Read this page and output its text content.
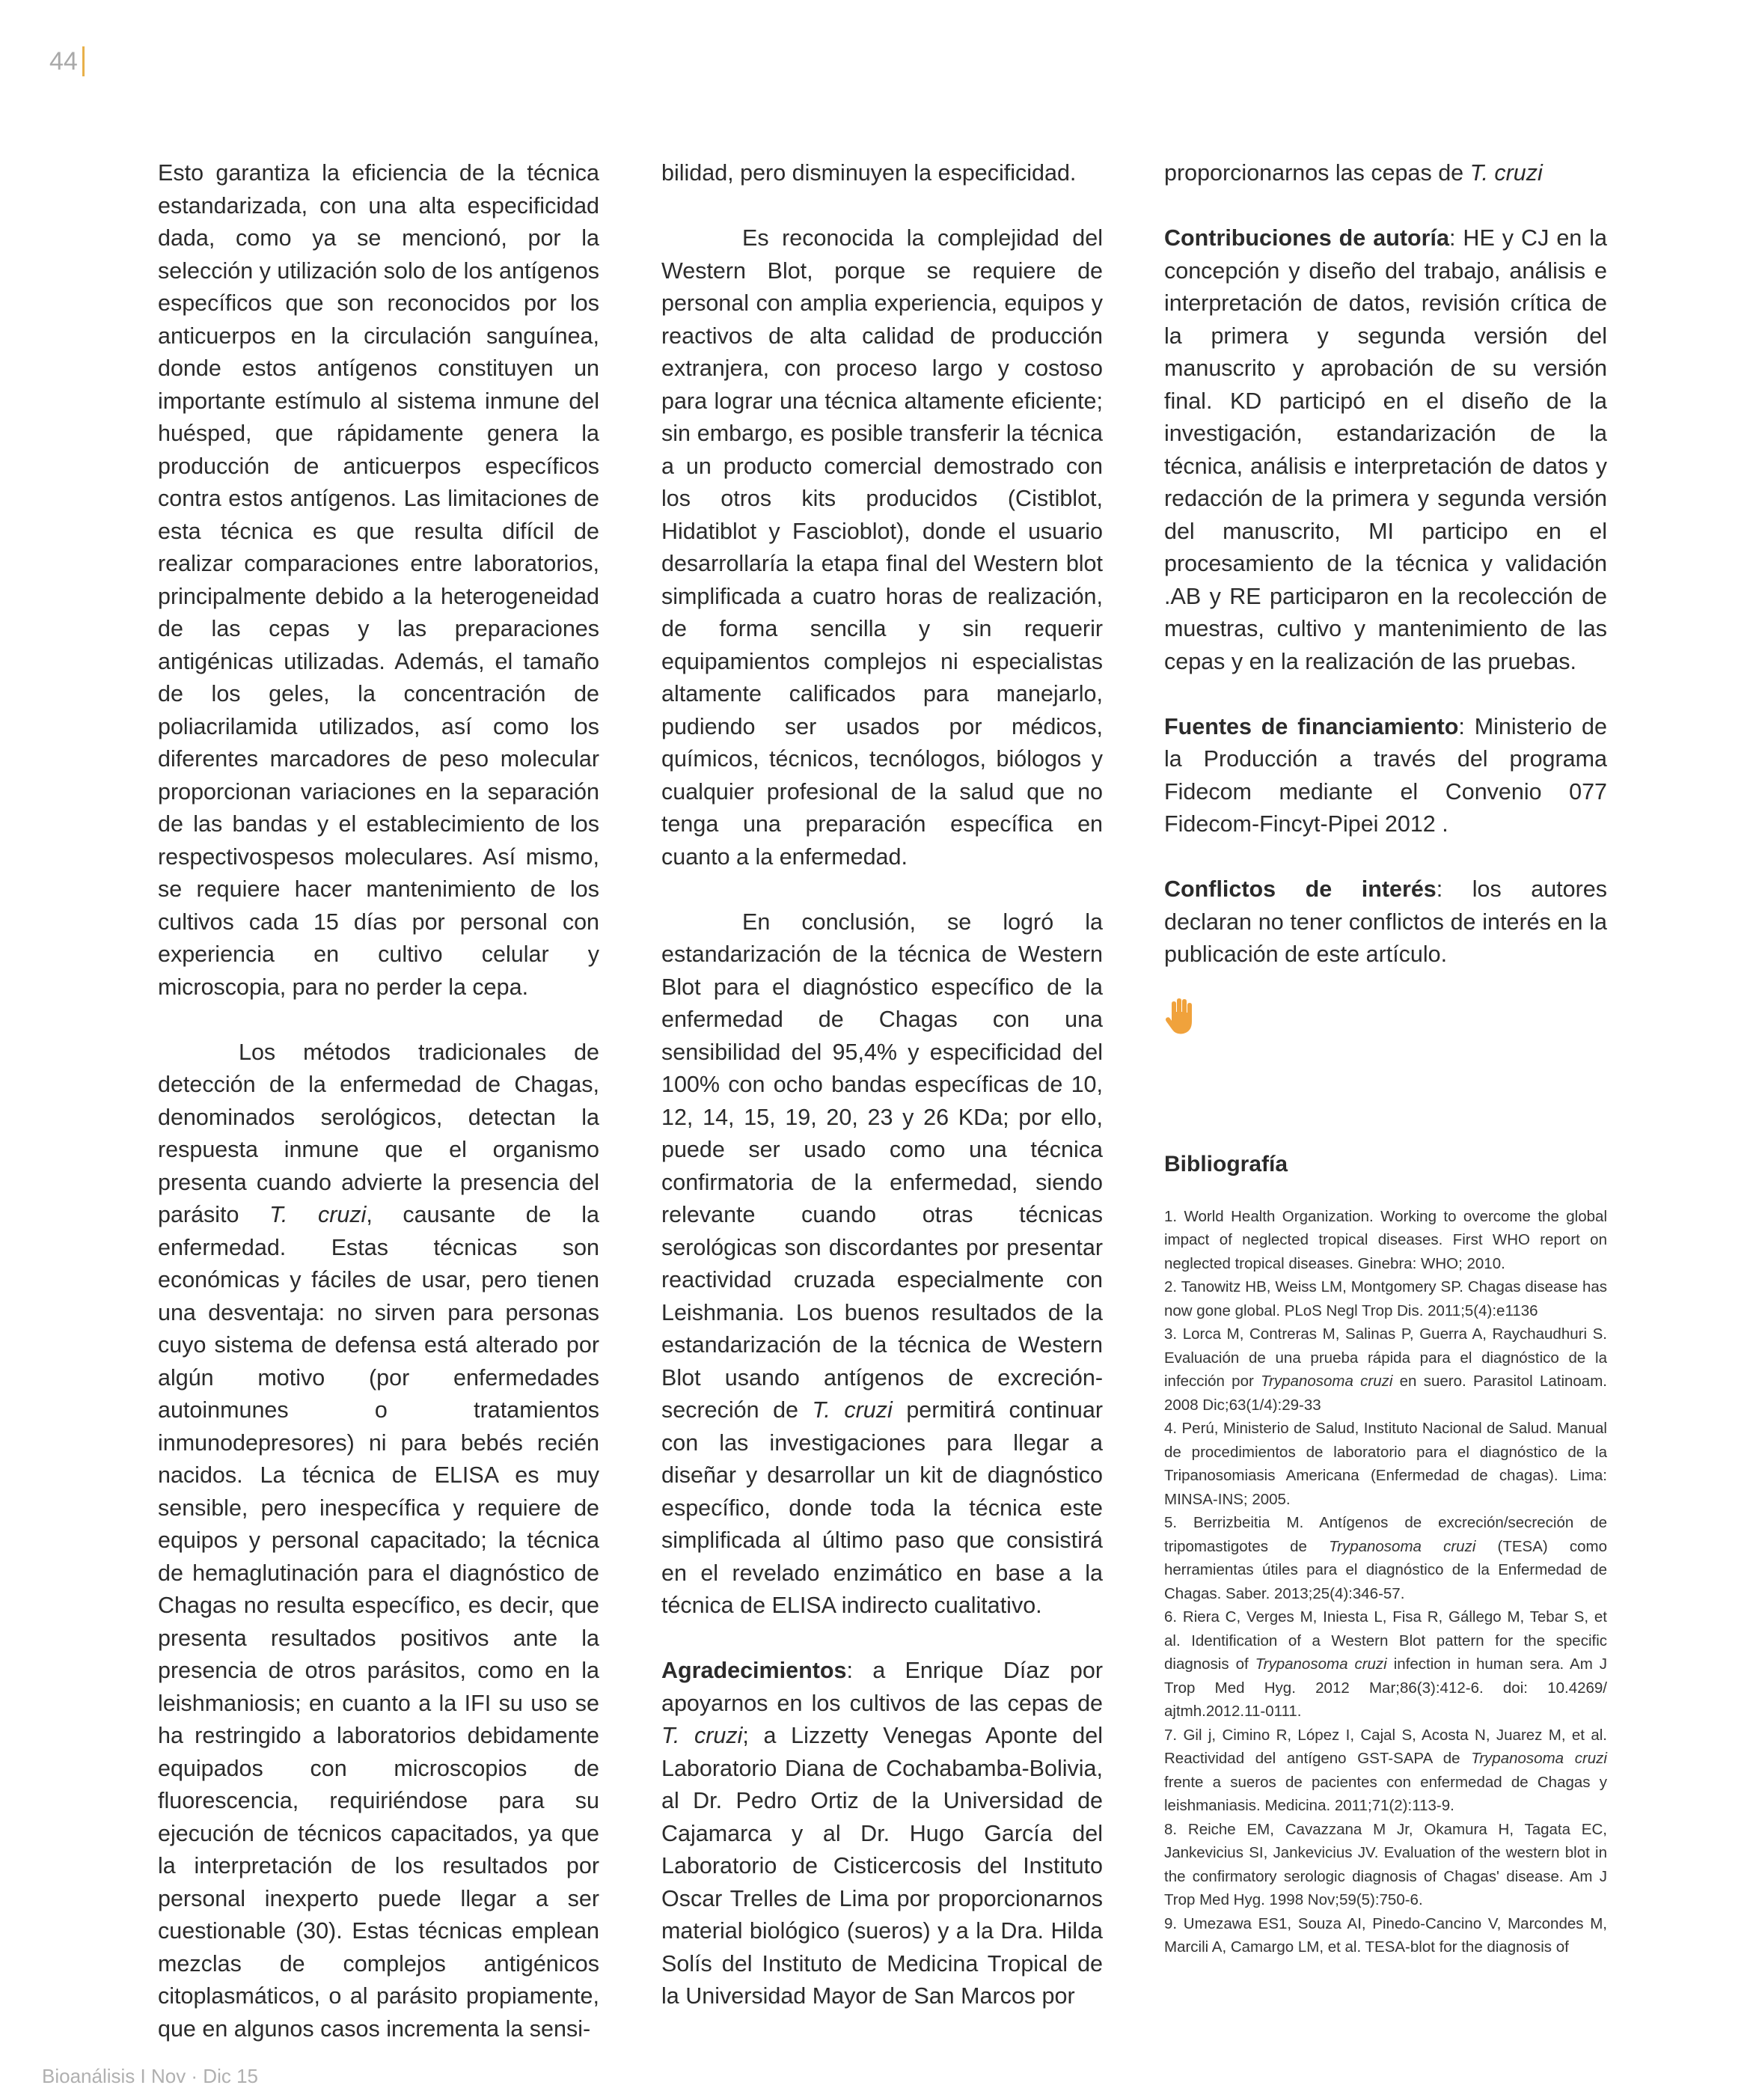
44

Esto garantiza la eficiencia de la técnica estandarizada, con una alta especificidad dada, como ya se mencionó, por la selección y utilización solo de los antígenos específicos que son reconocidos por los anticuerpos en la circulación sanguínea, donde estos antígenos constituyen un importante estímulo al sistema inmune del huésped, que rápidamente genera la producción de anticuerpos específicos contra estos antígenos. Las limitaciones de esta técnica es que resulta difícil de realizar comparaciones entre laboratorios, principalmente debido a la heterogeneidad de las cepas y las preparaciones antigénicas utilizadas. Además, el tamaño de los geles, la concentración de poliacrilamida utilizados, así como los diferentes marcadores de peso molecular proporcionan variaciones en la separación de las bandas y el establecimiento de los respectivospesos moleculares. Así mismo, se requiere hacer mantenimiento de los cultivos cada 15 días por personal con experiencia en cultivo celular y microscopia, para no perder la cepa.

Los métodos tradicionales de detección de la enfermedad de Chagas, denominados serológicos, detectan la respuesta inmune que el organismo presenta cuando advierte la presencia del parásito T. cruzi, causante de la enfermedad. Estas técnicas son económicas y fáciles de usar, pero tienen una desventaja: no sirven para personas cuyo sistema de defensa está alterado por algún motivo (por enfermedades autoinmunes o tratamientos inmunodepresores) ni para bebés recién nacidos. La técnica de ELISA es muy sensible, pero inespecífica y requiere de equipos y personal capacitado; la técnica de hemaglutinación para el diagnóstico de Chagas no resulta específico, es decir, que presenta resultados positivos ante la presencia de otros parásitos, como en la leishmaniosis; en cuanto a la IFI su uso se ha restringido a laboratorios debidamente equipados con microscopios de fluorescencia, requiriéndose para su ejecución de técnicos capacitados, ya que la interpretación de los resultados por personal inexperto puede llegar a ser cuestionable (30). Estas técnicas emplean mezclas de complejos antigénicos citoplasmáticos, o al parásito propiamente, que en algunos casos incrementa la sensi-

bilidad, pero disminuyen la especificidad.

Es reconocida la complejidad del Western Blot, porque se requiere de personal con amplia experiencia, equipos y reactivos de alta calidad de producción extranjera, con proceso largo y costoso para lograr una técnica altamente eficiente; sin embargo, es posible transferir la técnica a un producto comercial demostrado con los otros kits producidos (Cistiblot, Hidatiblot y Fascioblot), donde el usuario desarrollaría la etapa final del Western blot simplificada a cuatro horas de realización, de forma sencilla y sin requerir equipamientos complejos ni especialistas altamente calificados para manejarlo, pudiendo ser usados por médicos, químicos, técnicos, tecnólogos, biólogos y cualquier profesional de la salud que no tenga una preparación específica en cuanto a la enfermedad.

En conclusión, se logró la estandarización de la técnica de Western Blot para el diagnóstico específico de la enfermedad de Chagas con una sensibilidad del 95,4% y especificidad del 100% con ocho bandas específicas de 10, 12, 14, 15, 19, 20, 23 y 26 KDa; por ello, puede ser usado como una técnica confirmatoria de la enfermedad, siendo relevante cuando otras técnicas serológicas son discordantes por presentar reactividad cruzada especialmente con Leishmania. Los buenos resultados de la estandarización de la técnica de Western Blot usando antígenos de excreción-secreción de T. cruzi permitirá continuar con las investigaciones para llegar a diseñar y desarrollar un kit de diagnóstico específico, donde toda la técnica este simplificada al último paso que consistirá en el revelado enzimático en base a la técnica de ELISA indirecto cualitativo.

Agradecimientos: a Enrique Díaz por apoyarnos en los cultivos de las cepas de T. cruzi; a Lizzetty Venegas Aponte del Laboratorio Diana de Cochabamba-Bolivia, al Dr. Pedro Ortiz de la Universidad de Cajamarca y al Dr. Hugo García del Laboratorio de Cisticercosis del Instituto Oscar Trelles de Lima por proporcionarnos material biológico (sueros) y a la Dra. Hilda Solís del Instituto de Medicina Tropical de la Universidad Mayor de San Marcos por

proporcionarnos las cepas de T. cruzi

Contribuciones de autoría: HE y CJ en la concepción y diseño del trabajo, análisis e interpretación de datos, revisión crítica de la primera y segunda versión del manuscrito y aprobación de su versión final. KD participó en el diseño de la investigación, estandarización de la técnica, análisis e interpretación de datos y redacción de la primera y segunda versión del manuscrito, MI participo en el procesamiento de la técnica y validación .AB y RE participaron en la recolección de muestras, cultivo y mantenimiento de las cepas y en la realización de las pruebas.

Fuentes de financiamiento: Ministerio de la Producción a través del programa Fidecom mediante el Convenio 077 Fidecom-Fincyt-Pipei 2012 .

Conflictos de interés: los autores declaran no tener conflictos de interés en la publicación de este artículo.

Bibliografía

1. World Health Organization. Working to overcome the global impact of neglected tropical diseases. First WHO report on neglected tropical diseases. Ginebra: WHO; 2010.

2. Tanowitz HB, Weiss LM, Montgomery SP. Chagas disease has now gone global. PLoS Negl Trop Dis. 2011;5(4):e1136

3. Lorca M, Contreras M, Salinas P, Guerra A, Raychaudhuri S. Evaluación de una prueba rápida para el diagnóstico de la infección por Trypanosoma cruzi en suero. Parasitol Latinoam. 2008 Dic;63(1/4):29-33

4. Perú, Ministerio de Salud, Instituto Nacional de Salud. Manual de procedimientos de laboratorio para el diagnóstico de la Tripanosomiasis Americana (Enfermedad de chagas). Lima: MINSA-INS; 2005.

5. Berrizbeitia M. Antígenos de excreción/secreción de tripomastigotes de Trypanosoma cruzi (TESA) como herramientas útiles para el diagnóstico de la Enfermedad de Chagas. Saber. 2013;25(4):346-57.

6. Riera C, Verges M, Iniesta L, Fisa R, Gállego M, Tebar S, et al. Identification of a Western Blot pattern for the specific diagnosis of Trypanosoma cruzi infection in human sera. Am J Trop Med Hyg. 2012 Mar;86(3):412-6. doi: 10.4269/ ajtmh.2012.11-0111.

7. Gil j, Cimino R, López I, Cajal S, Acosta N, Juarez M, et al. Reactividad del antígeno GST-SAPA de Trypanosoma cruzi frente a sueros de pacientes con enfermedad de Chagas y leishmaniasis. Medicina. 2011;71(2):113-9.

8. Reiche EM, Cavazzana M Jr, Okamura H, Tagata EC, Jankevicius SI, Jankevicius JV. Evaluation of the western blot in the confirmatory serologic diagnosis of Chagas' disease. Am J Trop Med Hyg. 1998 Nov;59(5):750-6.

9. Umezawa ES1, Souza AI, Pinedo-Cancino V, Marcondes M, Marcili A, Camargo LM, et al. TESA-blot for the diagnosis of

Bioanálisis I Nov · Dic 15
